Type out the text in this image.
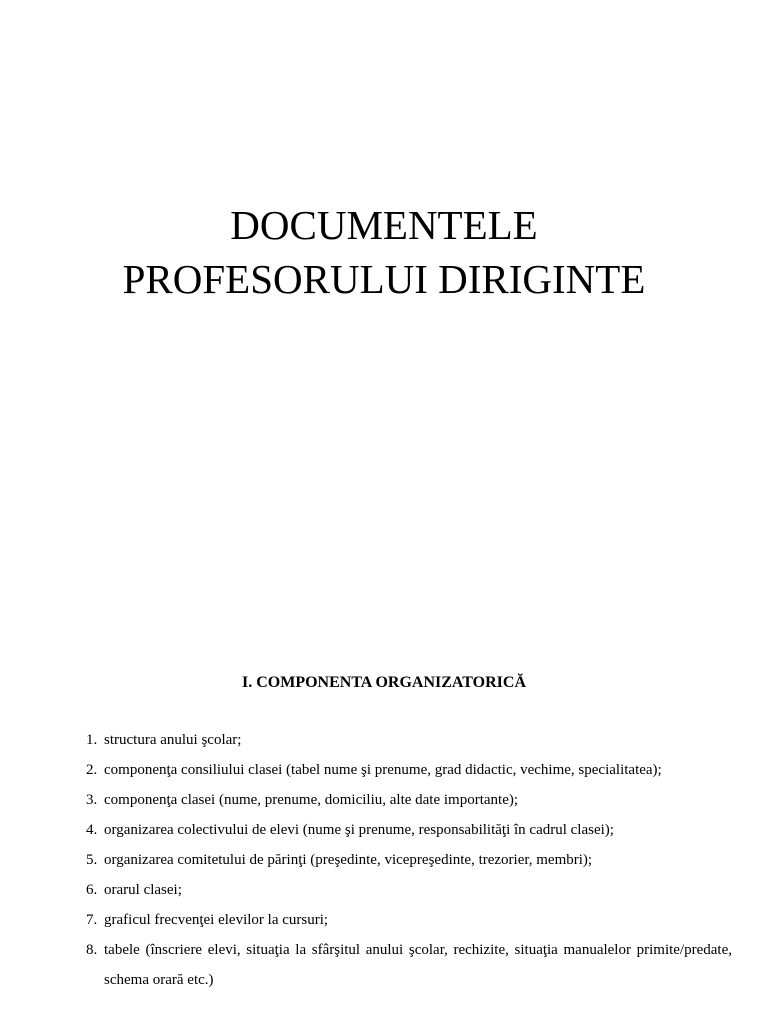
DOCUMENTELE
PROFESORULUI DIRIGINTE
I. COMPONENTA ORGANIZATORICĂ
1. structura anului şcolar;
2. componenţa consiliului clasei (tabel nume şi prenume, grad didactic, vechime, specialitatea);
3. componenţa clasei (nume, prenume, domiciliu, alte date importante);
4. organizarea colectivului de elevi (nume şi prenume, responsabilităţi în cadrul clasei);
5. organizarea comitetului de părinţi (preşedinte, vicepreşedinte, trezorier, membri);
6. orarul clasei;
7. graficul frecvenţei elevilor la cursuri;
8. tabele (înscriere elevi, situaţia la sfârşitul anului şcolar, rechizite, situaţia manualelor primite/predate, schema orară etc.)
